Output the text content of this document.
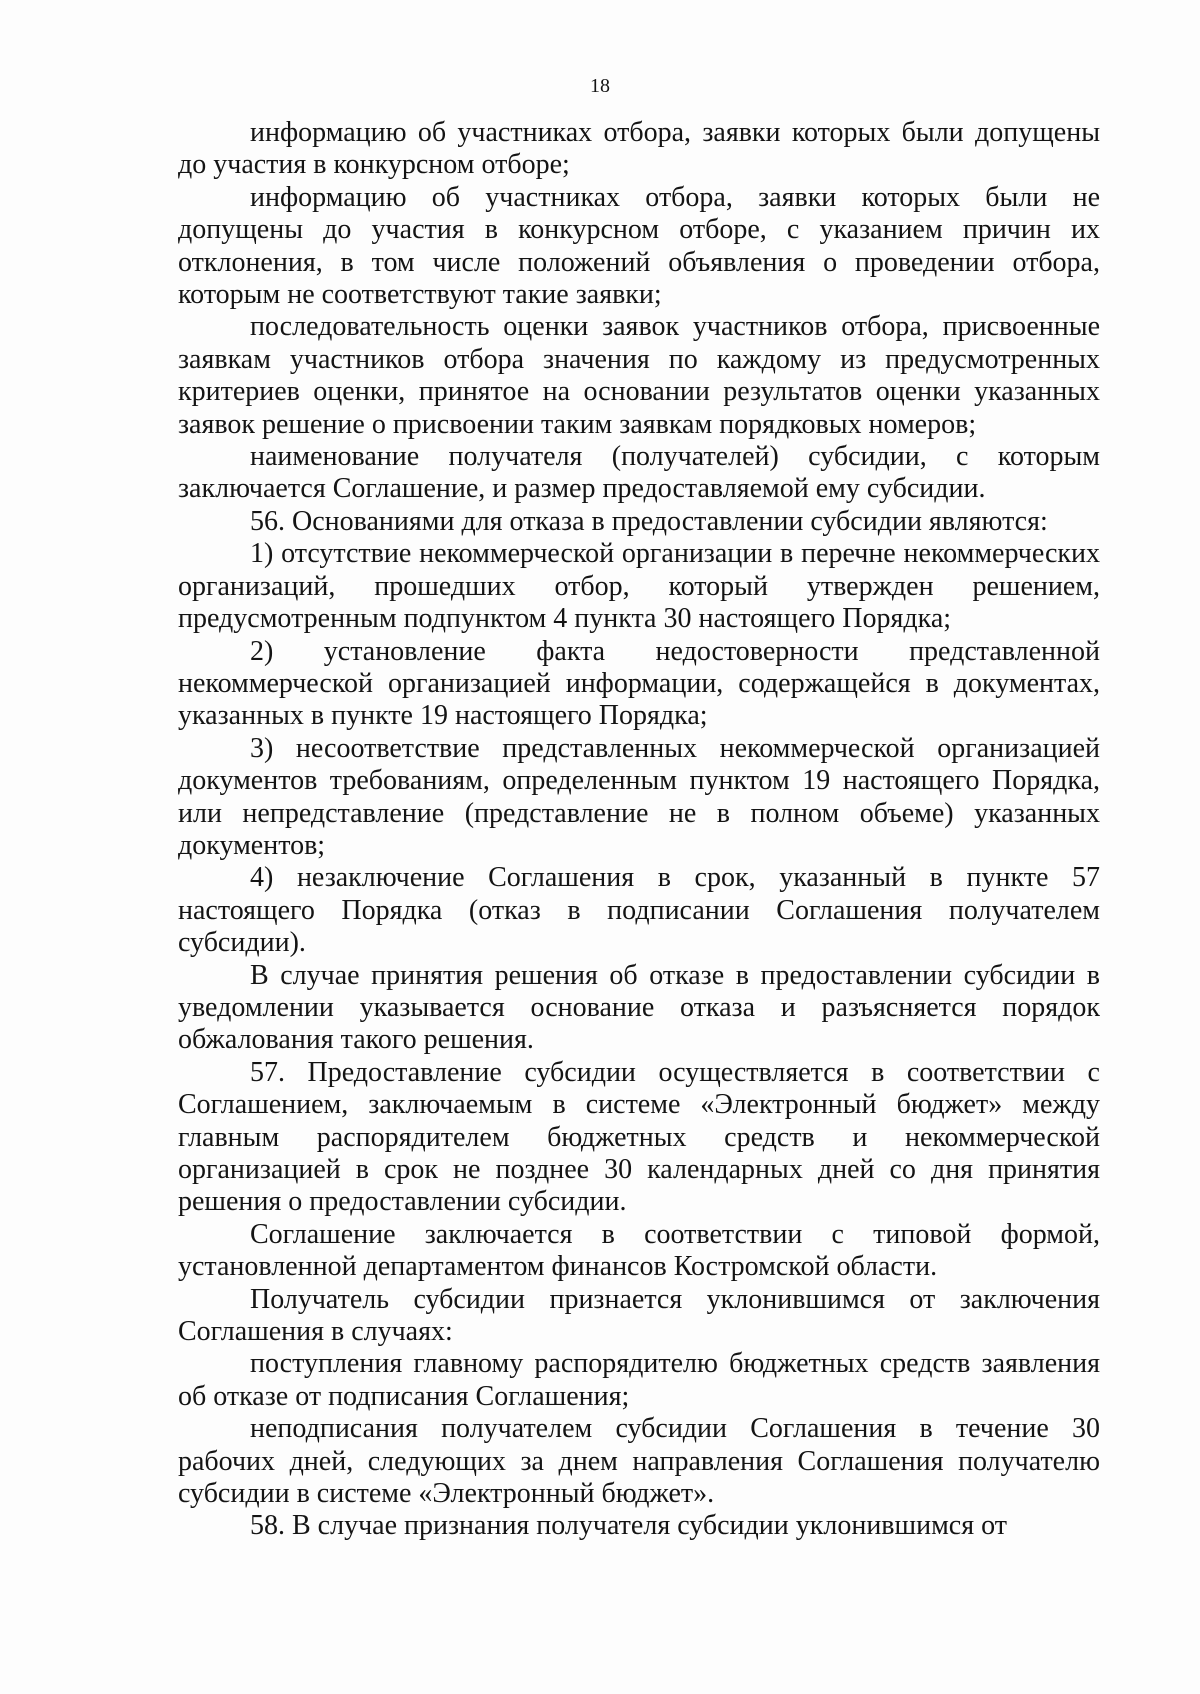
18

информацию об участниках отбора, заявки которых были допущены до участия в конкурсном отборе;

информацию об участниках отбора, заявки которых были не допущены до участия в конкурсном отборе, с указанием причин их отклонения, в том числе положений объявления о проведении отбора, которым не соответствуют такие заявки;

последовательность оценки заявок участников отбора, присвоенные заявкам участников отбора значения по каждому из предусмотренных критериев оценки, принятое на основании результатов оценки указанных заявок решение о присвоении таким заявкам порядковых номеров;

наименование получателя (получателей) субсидии, с которым заключается Соглашение, и размер предоставляемой ему субсидии.

56. Основаниями для отказа в предоставлении субсидии являются:

1) отсутствие некоммерческой организации в перечне некоммерческих организаций, прошедших отбор, который утвержден решением, предусмотренным подпунктом 4 пункта 30 настоящего Порядка;

2) установление факта недостоверности представленной некоммерческой организацией информации, содержащейся в документах, указанных в пункте 19 настоящего Порядка;

3) несоответствие представленных некоммерческой организацией документов требованиям, определенным пунктом 19 настоящего Порядка, или непредставление (представление не в полном объеме) указанных документов;

4) незаключение Соглашения в срок, указанный в пункте 57 настоящего Порядка (отказ в подписании Соглашения получателем субсидии).

В случае принятия решения об отказе в предоставлении субсидии в уведомлении указывается основание отказа и разъясняется порядок обжалования такого решения.

57. Предоставление субсидии осуществляется в соответствии с Соглашением, заключаемым в системе «Электронный бюджет» между главным распорядителем бюджетных средств и некоммерческой организацией в срок не позднее 30 календарных дней со дня принятия решения о предоставлении субсидии.

Соглашение заключается в соответствии с типовой формой, установленной департаментом финансов Костромской области.

Получатель субсидии признается уклонившимся от заключения Соглашения в случаях:

поступления главному распорядителю бюджетных средств заявления об отказе от подписания Соглашения;

неподписания получателем субсидии Соглашения в течение 30 рабочих дней, следующих за днем направления Соглашения получателю субсидии в системе «Электронный бюджет».

58. В случае признания получателя субсидии уклонившимся от
